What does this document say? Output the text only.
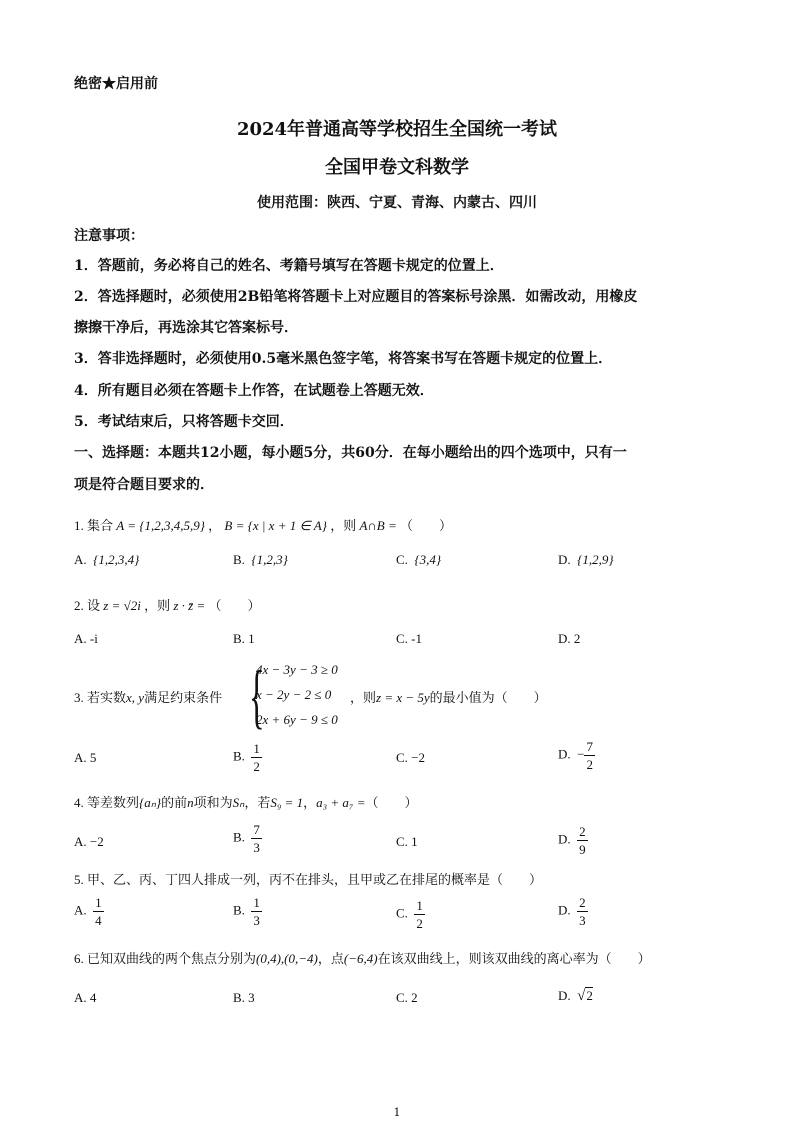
绝密★启用前
2024年普通高等学校招生全国统一考试
全国甲卷文科数学
使用范围：陕西、宁夏、青海、内蒙古、四川
注意事项：
1．答题前，务必将自己的姓名、考籍号填写在答题卡规定的位置上．
2．答选择题时，必须使用2B铅笔将答题卡上对应题目的答案标号涂黑．如需改动，用橡皮
擦擦干净后，再选涂其它答案标号．
3．答非选择题时，必须使用0.5毫米黑色签字笔，将答案书写在答题卡规定的位置上．
4．所有题目必须在答题卡上作答，在试题卷上答题无效．
5．考试结束后，只将答题卡交回．
一、选择题：本题共12小题，每小题5分，共60分．在每小题给出的四个选项中，只有一
项是符合题目要求的．
1. 集合 A = {1,2,3,4,5,9} ， B = {x | x + 1 ∈ A} ，则 A∩B = （　　）
A. {1,2,3,4}	B. {1,2,3}	C. {3,4}	D. {1,2,9}
2. 设 z = √2i ，则 z · z̄ = （　　）
A. -i	B. 1	C. -1	D. 2
3. 若实数x, y满足约束条件 {
4x − 3y − 3 ≥ 0
x − 2y − 2 ≤ 0
2x + 6y − 9 ≤ 0
，则z = x − 5y的最小值为（　　）
A. 5	B. $\frac{1}{2}$	C. −2	D. − $\frac{7}{2}$
4. 等差数列{aₙ}的前n项和为Sₙ，若S₉ = 1，a₃ + a₇ =（　　）
A. −2	B. $\frac{7}{3}$	C. 1	D. $\frac{2}{9}$
5. 甲、乙、丙、丁四人排成一列，丙不在排头，且甲或乙在排尾的概率是（　　）
A. $\frac{1}{4}$	B. $\frac{1}{3}$	C. $\frac{1}{2}$	D. $\frac{2}{3}$
6. 已知双曲线的两个焦点分别为(0,4),(0,−4)，点(−6,4)在该双曲线上，则该双曲线的离心率为（　　）
A. 4	B. 3	C. 2	D. √2
1
